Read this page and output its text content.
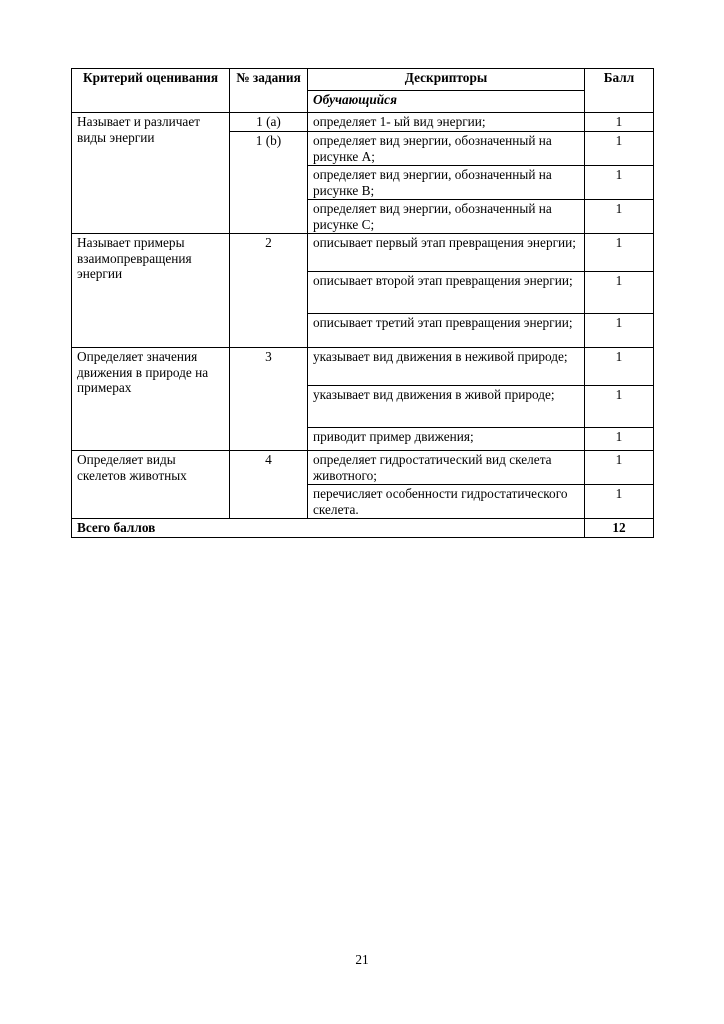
Критерий оценивания	№ задания	Дескрипторы	Балл
		Обучающийся	
Называет и различает виды энергии	1 (a)	определяет 1- ый вид энергии;	1
	1 (b)	определяет вид энергии, обозначенный на рисунке A;	1
		определяет вид энергии, обозначенный на рисунке B;	1
		определяет вид энергии, обозначенный на рисунке C;	1
Называет примеры взаимопревращения энергии	2	описывает первый этап превращения энергии;	1
		описывает второй этап превращения энергии;	1
		описывает третий этап превращения энергии;	1
Определяет значения движения в природе на примерах	3	указывает вид движения в неживой природе;	1
		указывает вид движения в живой природе;	1
		приводит пример движения;	1
Определяет виды скелетов животных	4	определяет гидростатический вид скелета животного;	1
		перечисляет особенности гидростатического скелета.	1
Всего баллов			12
21
